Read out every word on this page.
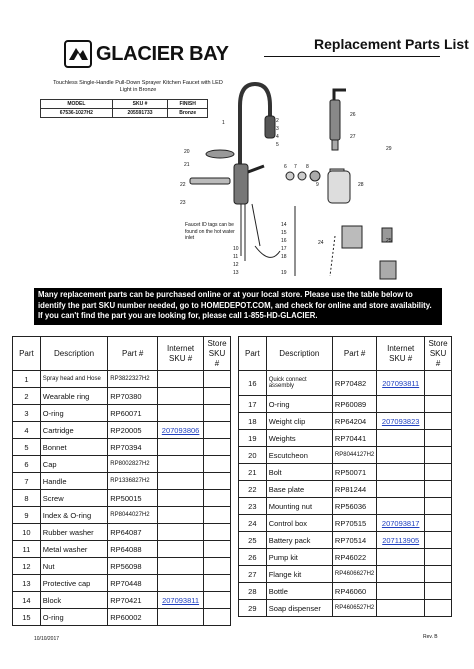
GLACIER BAY	Replacement Parts List
Touchless Single-Handle Pull-Down Sprayer Kitchen Faucet with LED Light in Bronze
MODEL	SKU #	FINISH
67536-1027H2	205591733	Bronze
20
21
22
23
1	2
3
4
5
6 7 8
9
10
11
12
13
14
15
16
17
18
19
26
27
28
29
24	25
Faucet ID tags can be found on the hot water inlet
Many replacement parts can be purchased online or at your local store. Please use the table below to identify the part SKU number needed, go to HOMEDEPOT.COM, and check for online and store availability. If you can't find the part you are looking for, please call 1-855-HD-GLACIER.
Part	Description	Part #	Internet SKU #	Store SKU #
1	Spray head and Hose	RP3822327H2		
2	Wearable ring	RP70380		
3	O-ring	RP60071		
4	Cartridge	RP20005	207093806	
5	Bonnet	RP70394		
6	Cap	RP8002827H2		
7	Handle	RP1336827H2		
8	Screw	RP50015		
9	Index & O-ring	RP8044027H2		
10	Rubber washer	RP64087		
11	Metal washer	RP64088		
12	Nut	RP56098		
13	Protective cap	RP70448		
14	Block	RP70421	207093811	
15	O-ring	RP60002		
Part	Description	Part #	Internet SKU #	Store SKU #
16	Quick connect assembly	RP70482	207093811	
17	O-ring	RP60089		
18	Weight clip	RP64204	207093823	
19	Weights	RP70441		
20	Escutcheon	RP8044127H2		
21	Bolt	RP50071		
22	Base plate	RP81244		
23	Mounting nut	RP56036		
24	Control box	RP70515	207093817	
25	Battery pack	RP70514	207113905	
26	Pump kit	RP46022		
27	Flange kit	RP4606627H2		
28	Bottle	RP46060		
29	Soap dispenser	RP4606527H2		
10/10/2017	Rev. B
